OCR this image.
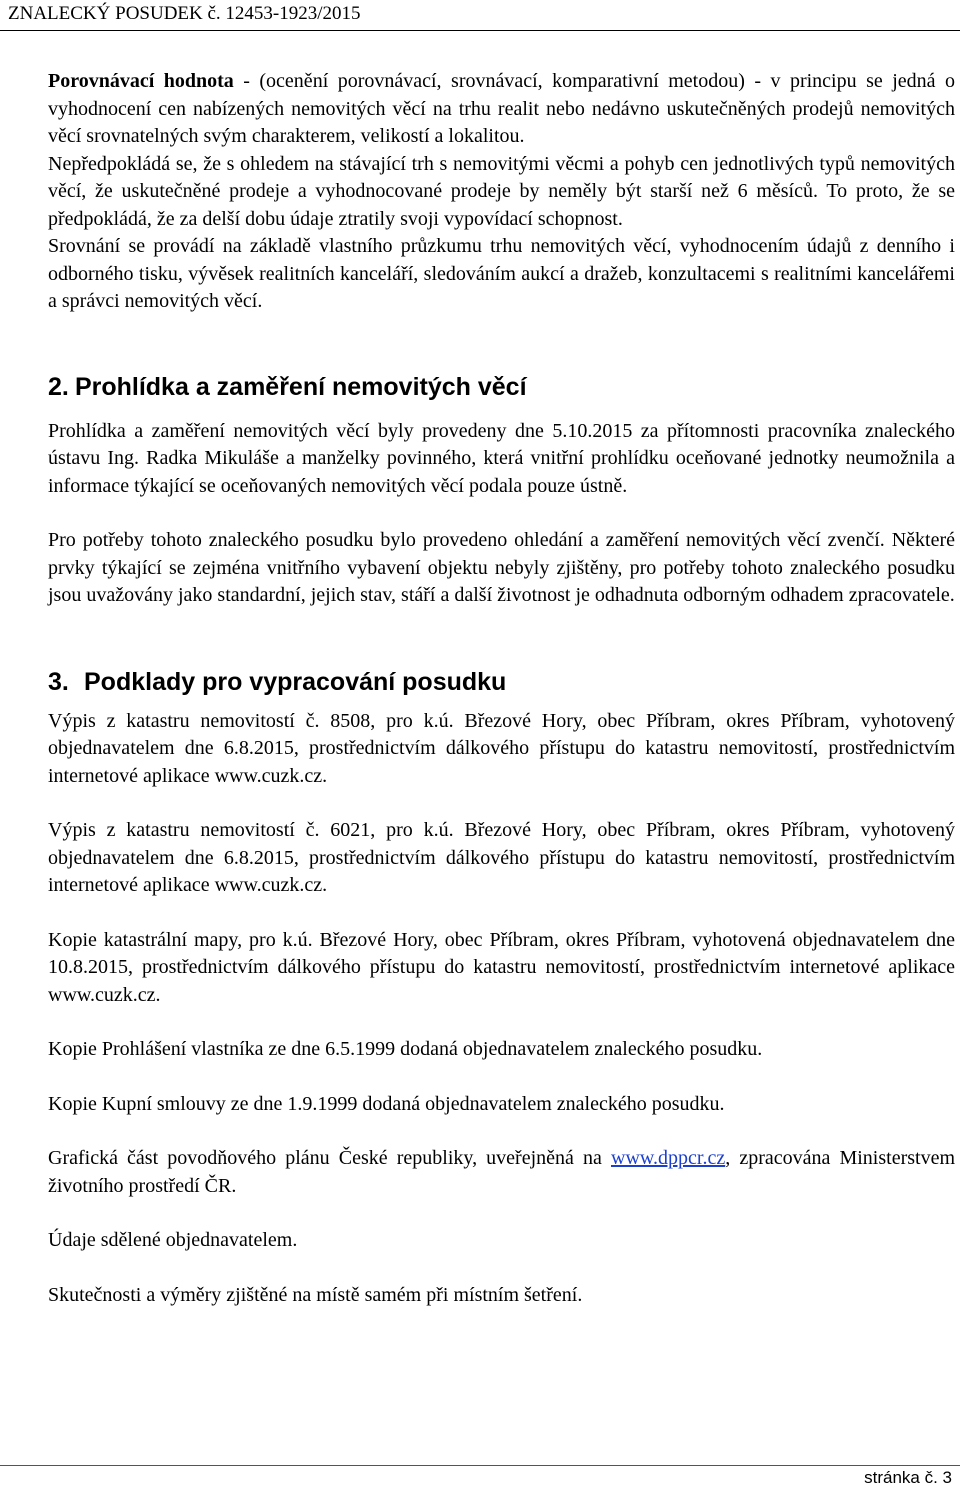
ZNALECKÝ POSUDEK č. 12453-1923/2015

Porovnávací hodnota - (ocenění porovnávací, srovnávací, komparativní metodou) - v principu se jedná o vyhodnocení cen nabízených nemovitých věcí na trhu realit nebo nedávno uskutečněných prodejů nemovitých věcí srovnatelných svým charakterem, velikostí a lokalitou.

Nepředpokládá se, že s ohledem na stávající trh s nemovitými věcmi a pohyb cen jednotlivých typů nemovitých věcí, že uskutečněné prodeje a vyhodnocované prodeje by neměly být starší než 6 měsíců. To proto, že se předpokládá, že za delší dobu údaje ztratily svoji vypovídací schopnost.

Srovnání se provádí na základě vlastního průzkumu trhu nemovitých věcí, vyhodnocením údajů z denního i odborného tisku, vývěsek realitních kanceláří, sledováním aukcí a dražeb, konzultacemi s realitními kancelářemi a správci nemovitých věcí.

2. Prohlídka a zaměření nemovitých věcí

Prohlídka a zaměření nemovitých věcí byly provedeny dne 5.10.2015 za přítomnosti pracovníka znaleckého ústavu Ing. Radka Mikuláše a manželky povinného, která vnitřní prohlídku oceňované jednotky neumožnila a informace týkající se oceňovaných nemovitých věcí podala pouze ústně.

Pro potřeby tohoto znaleckého posudku bylo provedeno ohledání a zaměření nemovitých věcí zvenčí. Některé prvky týkající se zejména vnitřního vybavení objektu nebyly zjištěny, pro potřeby tohoto znaleckého posudku jsou uvažovány jako standardní, jejich stav, stáří a další životnost je odhadnuta odborným odhadem zpracovatele.

3. Podklady pro vypracování posudku

Výpis z katastru nemovitostí č. 8508, pro k.ú. Březové Hory, obec Příbram, okres Příbram, vyhotovený objednavatelem dne 6.8.2015, prostřednictvím dálkového přístupu do katastru nemovitostí, prostřednictvím internetové aplikace www.cuzk.cz.

Výpis z katastru nemovitostí č. 6021, pro k.ú. Březové Hory, obec Příbram, okres Příbram, vyhotovený objednavatelem dne 6.8.2015, prostřednictvím dálkového přístupu do katastru nemovitostí, prostřednictvím internetové aplikace www.cuzk.cz.

Kopie katastrální mapy, pro k.ú. Březové Hory, obec Příbram, okres Příbram, vyhotovená objednavatelem dne 10.8.2015, prostřednictvím dálkového přístupu do katastru nemovitostí, prostřednictvím internetové aplikace www.cuzk.cz.

Kopie Prohlášení vlastníka ze dne 6.5.1999 dodaná objednavatelem znaleckého posudku.

Kopie Kupní smlouvy ze dne 1.9.1999 dodaná objednavatelem znaleckého posudku.

Grafická část povodňového plánu České republiky, uveřejněná na www.dppcr.cz, zpracována Ministerstvem životního prostředí ČR.

Údaje sdělené objednavatelem.

Skutečnosti a výměry zjištěné na místě samém při místním šetření.

stránka č. 3
